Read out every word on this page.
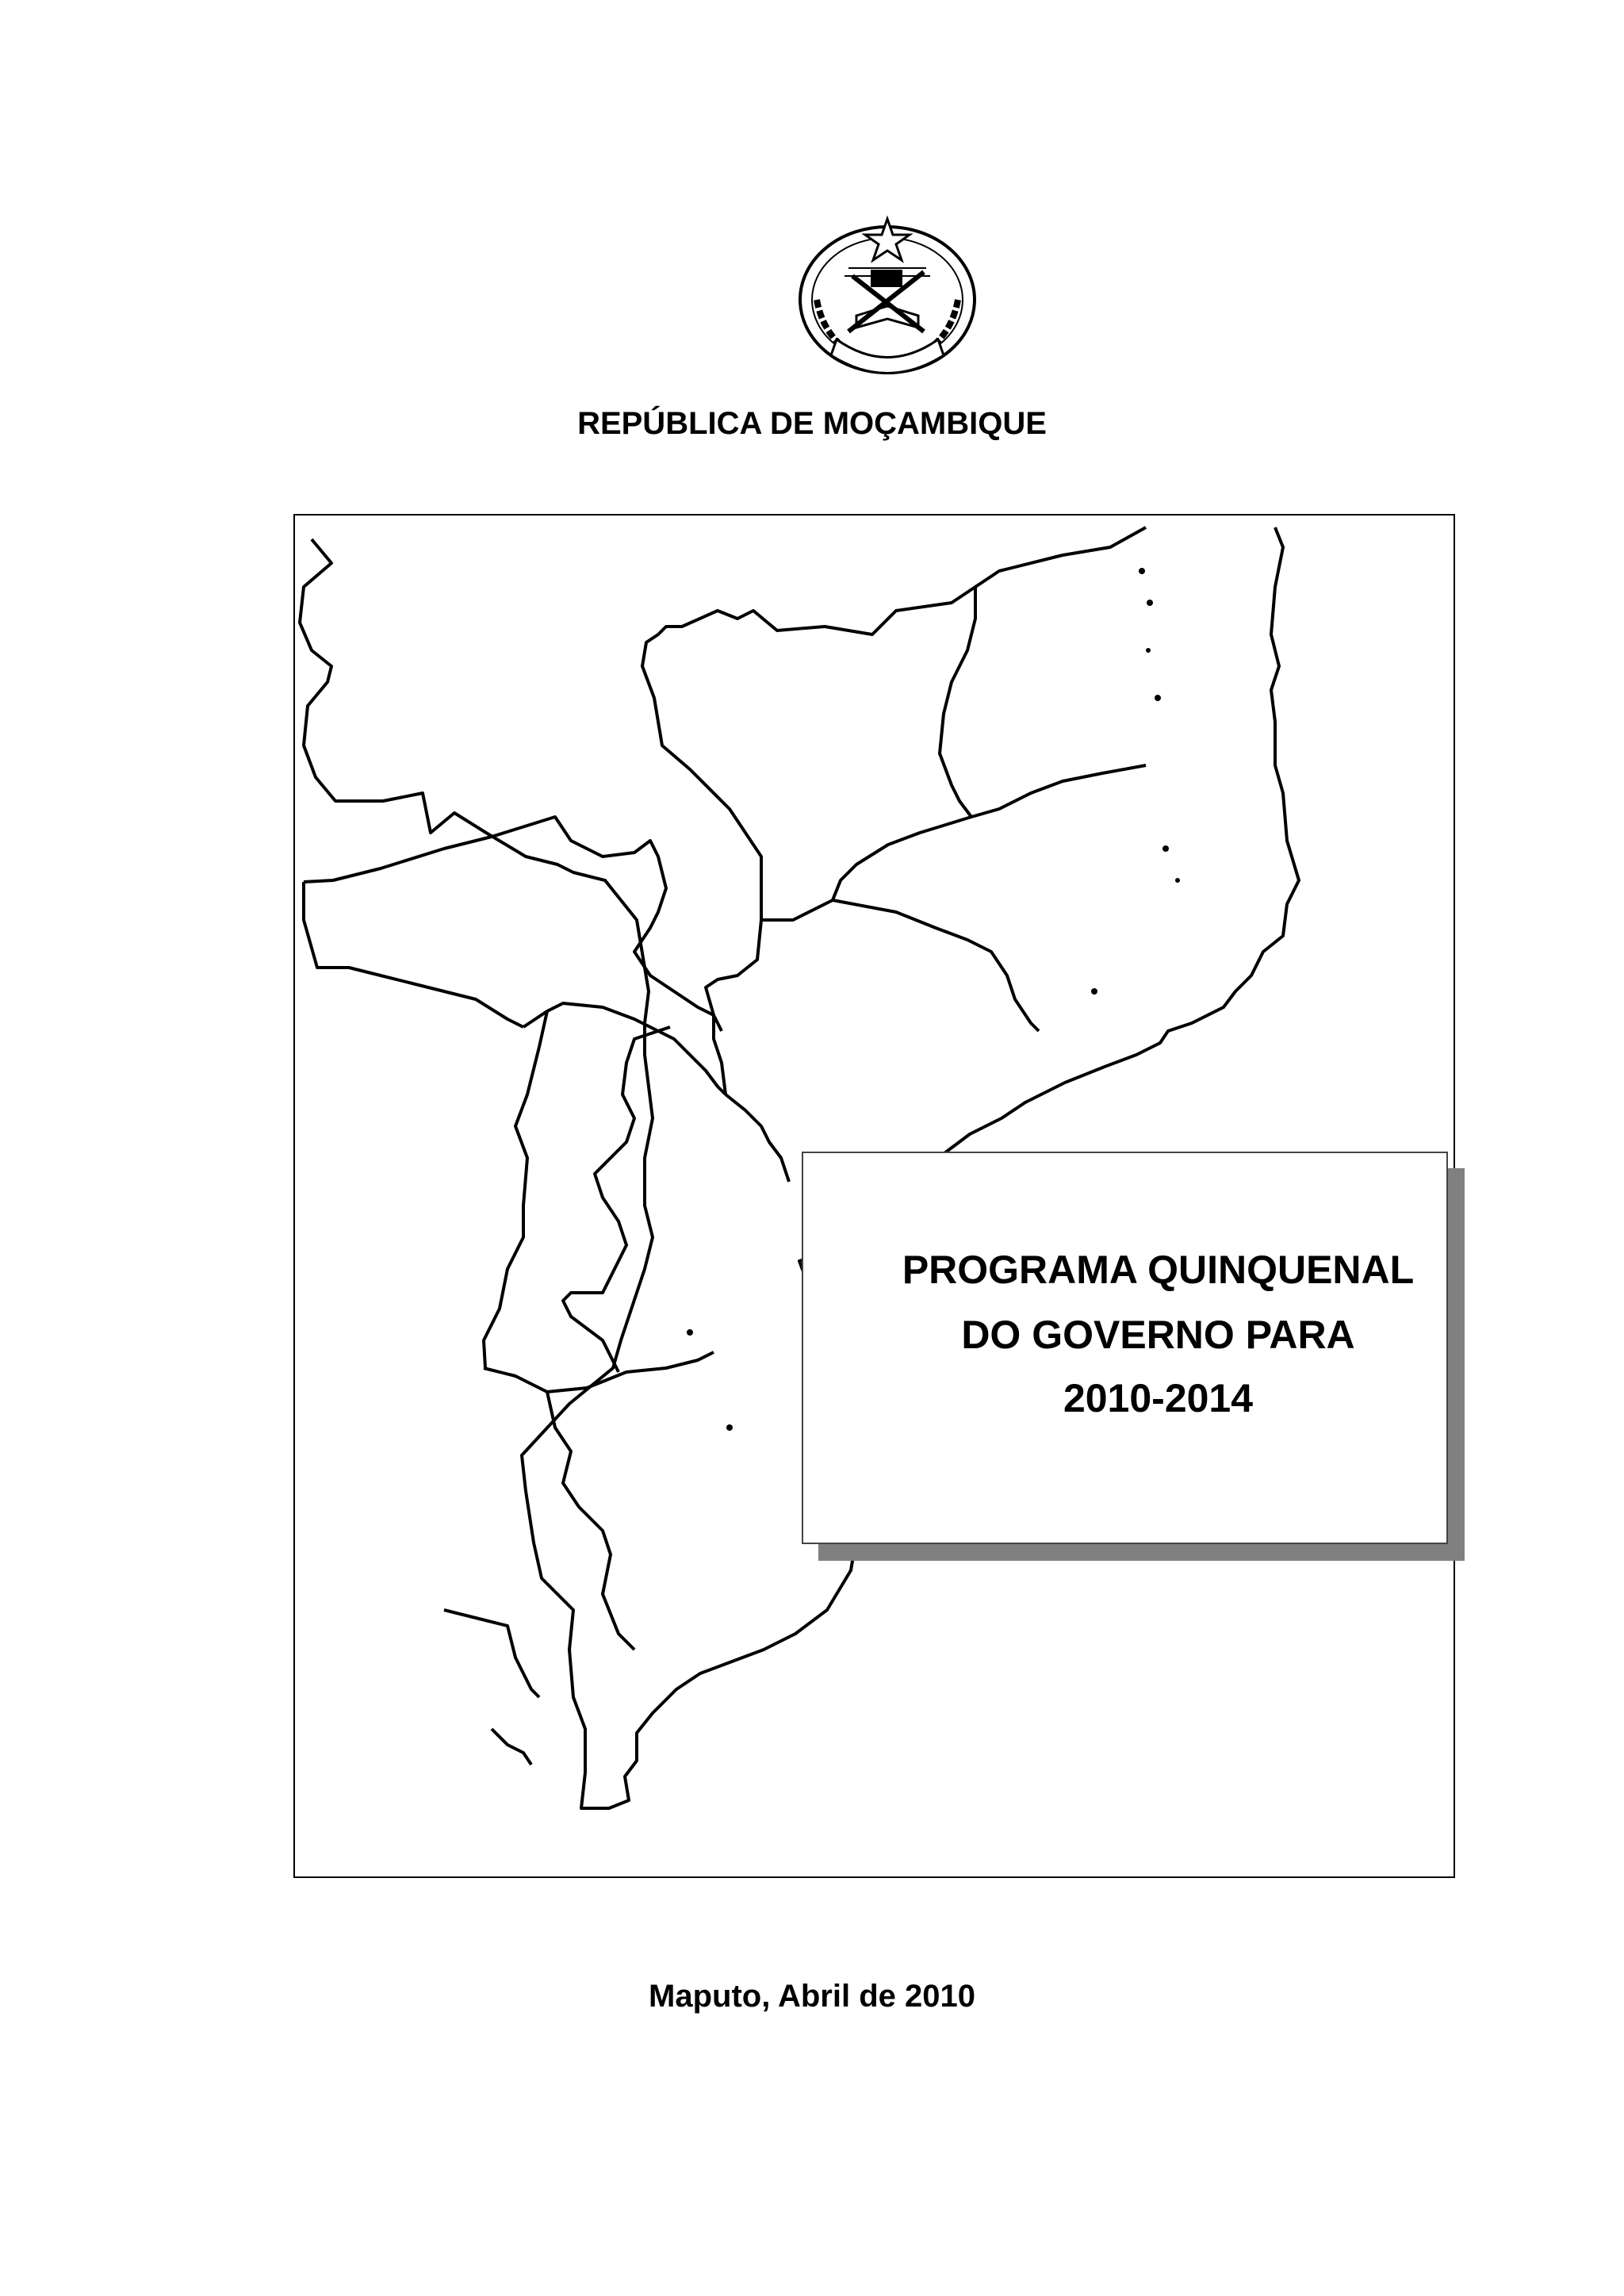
REPÚBLICA DE MOÇAMBIQUE
PROGRAMA QUINQUENAL
DO GOVERNO PARA
2010-2014
Maputo, Abril de 2010
